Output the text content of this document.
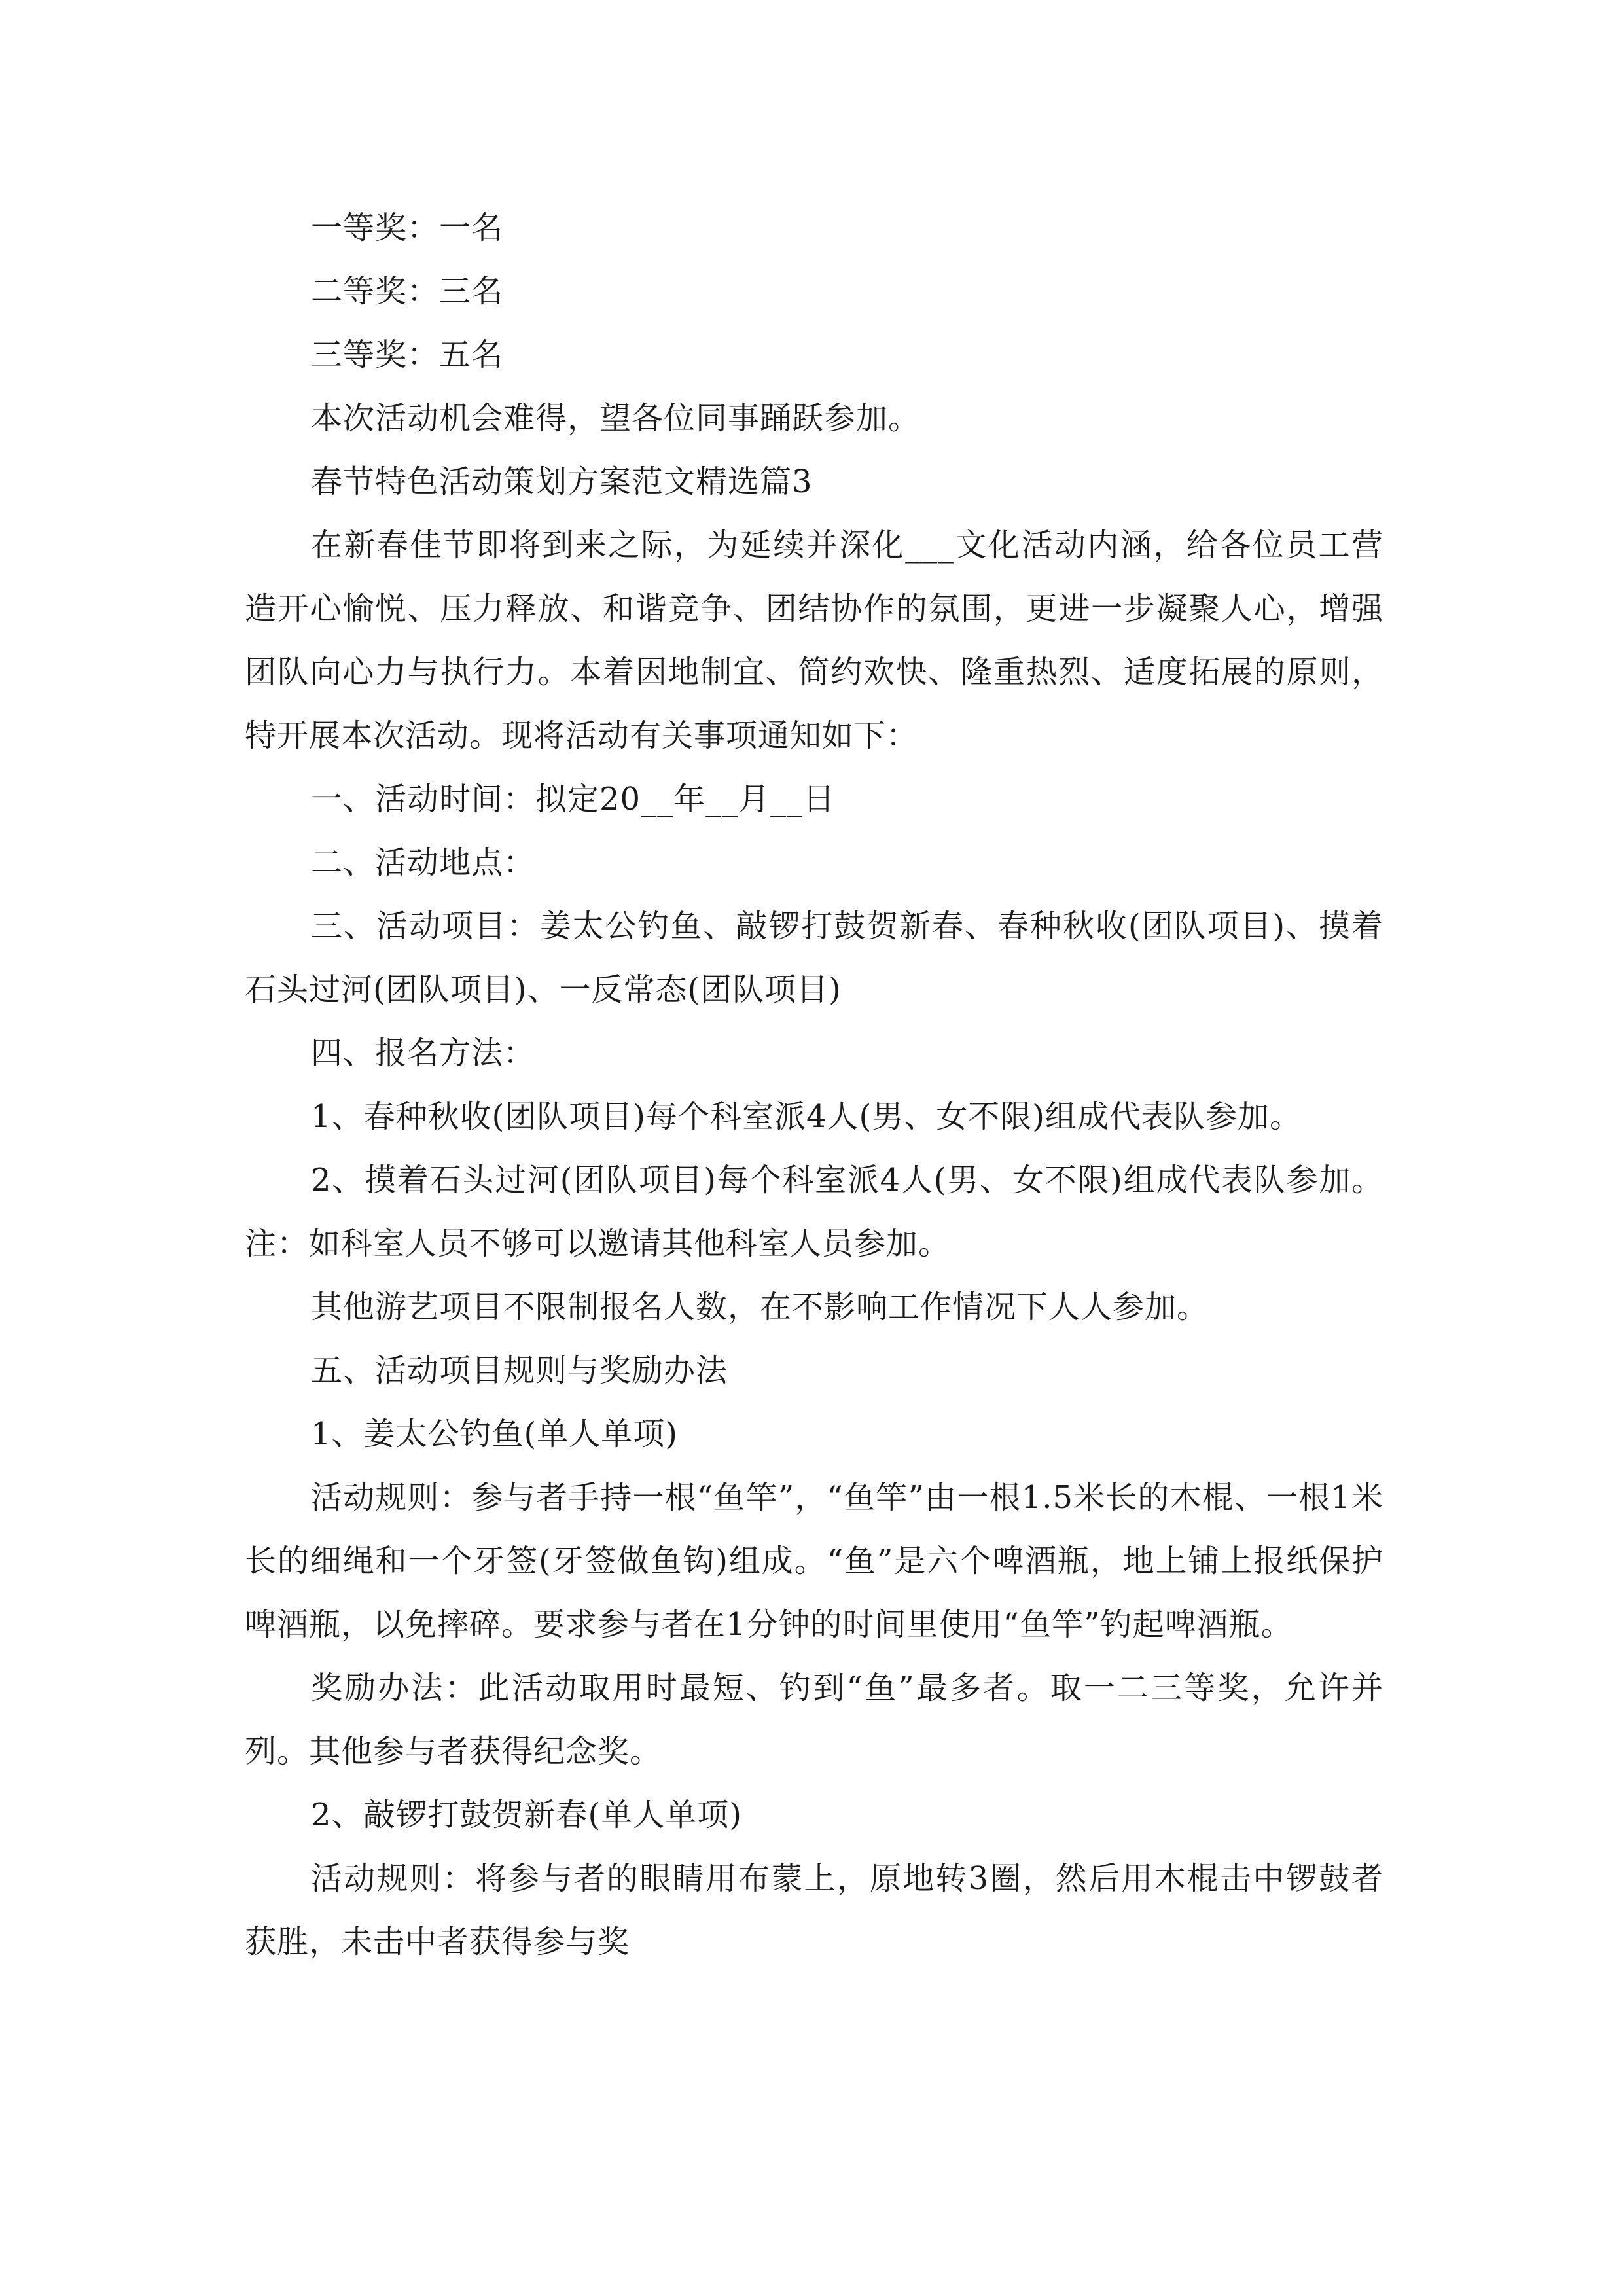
一等奖：一名

二等奖：三名

三等奖：五名

本次活动机会难得，望各位同事踊跃参加。

春节特色活动策划方案范文精选篇3

在新春佳节即将到来之际，为延续并深化___文化活动内涵，给各位员工营造开心愉悦、压力释放、和谐竞争、团结协作的氛围，更进一步凝聚人心，增强团队向心力与执行力。本着因地制宜、简约欢快、隆重热烈、适度拓展的原则，特开展本次活动。现将活动有关事项通知如下：

一、活动时间：拟定20__年__月__日

二、活动地点：

三、活动项目：姜太公钓鱼、敲锣打鼓贺新春、春种秋收(团队项目)、摸着石头过河(团队项目)、一反常态(团队项目)

四、报名方法：

1、春种秋收(团队项目)每个科室派4人(男、女不限)组成代表队参加。

2、摸着石头过河(团队项目)每个科室派4人(男、女不限)组成代表队参加。注：如科室人员不够可以邀请其他科室人员参加。

其他游艺项目不限制报名人数，在不影响工作情况下人人参加。

五、活动项目规则与奖励办法

1、姜太公钓鱼(单人单项)

活动规则：参与者手持一根“鱼竿”，“鱼竿”由一根1.5米长的木棍、一根1米长的细绳和一个牙签(牙签做鱼钩)组成。“鱼”是六个啤酒瓶，地上铺上报纸保护啤酒瓶，以免摔碎。要求参与者在1分钟的时间里使用“鱼竿”钓起啤酒瓶。

奖励办法：此活动取用时最短、钓到“鱼”最多者。取一二三等奖，允许并列。其他参与者获得纪念奖。

2、敲锣打鼓贺新春(单人单项)

活动规则：将参与者的眼睛用布蒙上，原地转3圈，然后用木棍击中锣鼓者获胜，未击中者获得参与奖
